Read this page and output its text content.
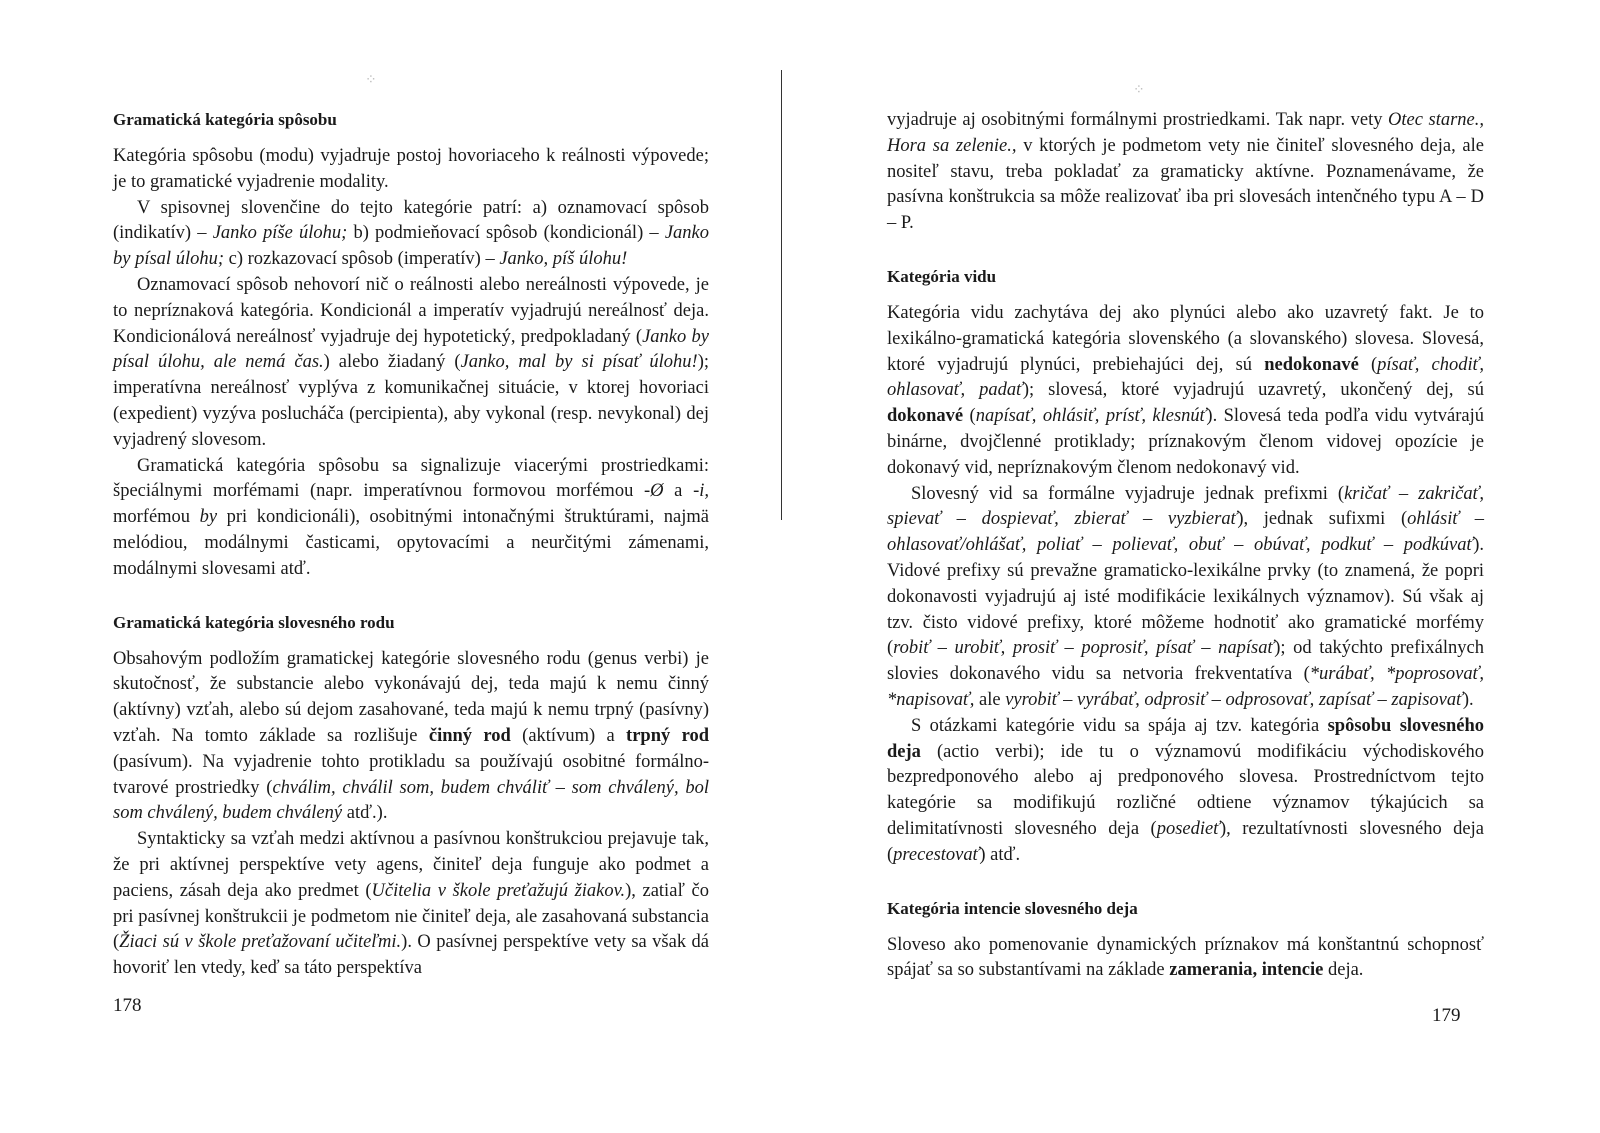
Gramatická kategória spôsobu

Kategória spôsobu (modu) vyjadruje postoj hovoriaceho k reálnosti výpovede; je to gramatické vyjadrenie modality.

V spisovnej slovenčine do tejto kategórie patrí: a) oznamovací spôsob (indikatív) – Janko píše úlohu; b) podmieňovací spôsob (kondicionál) – Janko by písal úlohu; c) rozkazovací spôsob (imperatív) – Janko, píš úlohu!

Oznamovací spôsob nehovorí nič o reálnosti alebo nereálnosti výpovede, je to nepríznaková kategória. Kondicionál a imperatív vyjadrujú nereálnosť deja. Kondicionálová nereálnosť vyjadruje dej hypotetický, predpokladaný (Janko by písal úlohu, ale nemá čas.) alebo žiadaný (Janko, mal by si písať úlohu!); imperatívna nereálnosť vyplýva z komunikačnej situácie, v ktorej hovoriaci (expedient) vyzýva poslucháča (percipienta), aby vykonal (resp. nevykonal) dej vyjadrený slovesom.

Gramatická kategória spôsobu sa signalizuje viacerými prostriedkami: špeciálnymi morfémami (napr. imperatívnou formovou morfémou -Ø a -i, morfémou by pri kondicionáli), osobitnými intonačnými štruktúrami, najmä melódiou, modálnymi časticami, opytovacími a neurčitými zámenami, modálnymi slovesami atď.

Gramatická kategória slovesného rodu

Obsahovým podložím gramatickej kategórie slovesného rodu (genus verbi) je skutočnosť, že substancie alebo vykonávajú dej, teda majú k nemu činný (aktívny) vzťah, alebo sú dejom zasahované, teda majú k nemu trpný (pasívny) vzťah. Na tomto základe sa rozlišuje činný rod (aktívum) a trpný rod (pasívum). Na vyjadrenie tohto protikladu sa používajú osobitné formálno-tvarové prostriedky (chválim, chválil som, budem chváliť – som chválený, bol som chválený, budem chválený atď.).

Syntakticky sa vzťah medzi aktívnou a pasívnou konštrukciou prejavuje tak, že pri aktívnej perspektíve vety agens, činiteľ deja funguje ako podmet a paciens, zásah deja ako predmet (Učitelia v škole preťažujú žiakov.), zatiaľ čo pri pasívnej konštrukcii je podmetom nie činiteľ deja, ale zasahovaná substancia (Žiaci sú v škole preťažovaní učiteľmi.). O pasívnej perspektíve vety sa však dá hovoriť len vtedy, keď sa táto perspektíva

178
⁘

vyjadruje aj osobitnými formálnymi prostriedkami. Tak napr. vety Otec starne., Hora sa zelenie., v ktorých je podmetom vety nie činiteľ slovesného deja, ale nositeľ stavu, treba pokladať za gramaticky aktívne. Poznamenávame, že pasívna konštrukcia sa môže realizovať iba pri slovesách intenčného typu A – D – P.

Kategória vidu

Kategória vidu zachytáva dej ako plynúci alebo ako uzavretý fakt. Je to lexikálno-gramatická kategória slovenského (a slovanského) slovesa. Slovesá, ktoré vyjadrujú plynúci, prebiehajúci dej, sú nedokonavé (písať, chodiť, ohlasovať, padať); slovesá, ktoré vyjadrujú uzavretý, ukončený dej, sú dokonavé (napísať, ohlásiť, prísť, klesnúť). Slovesá teda podľa vidu vytvárajú binárne, dvojčlenné protiklady; príznakovým členom vidovej opozície je dokonavý vid, nepríznakovým členom nedokonavý vid.

Slovesný vid sa formálne vyjadruje jednak prefixmi (kričať – zakričať, spievať – dospievať, zbierať – vyzbierať), jednak sufixmi (ohlásiť – ohlasovať/ohlášať, poliať – polievať, obuť – obúvať, podkuť – podkúvať). Vidové prefixy sú prevažne gramaticko-lexikálne prvky (to znamená, že popri dokonavosti vyjadrujú aj isté modifikácie lexikálnych významov). Sú však aj tzv. čisto vidové prefixy, ktoré môžeme hodnotiť ako gramatické morfémy (robiť – urobiť, prosiť – poprosiť, písať – napísať); od takýchto prefixálnych slovies dokonavého vidu sa netvoria frekventatíva (*urábať, *poprosovať, *napisovať, ale vyrobiť – vyrábať, odprosiť – odprosovať, zapísať – zapisovať).

S otázkami kategórie vidu sa spája aj tzv. kategória spôsobu slovesného deja (actio verbi); ide tu o významovú modifikáciu východiskového bezpredponového alebo aj predponového slovesa. Prostredníctvom tejto kategórie sa modifikujú rozličné odtiene významov týkajúcich sa delimitatívnosti slovesného deja (posedieť), rezultatívnosti slovesného deja (precestovať) atď.

Kategória intencie slovesného deja

Sloveso ako pomenovanie dynamických príznakov má konštantnú schopnosť spájať sa so substantívami na základe zamerania, intencie deja.

179
⁘
